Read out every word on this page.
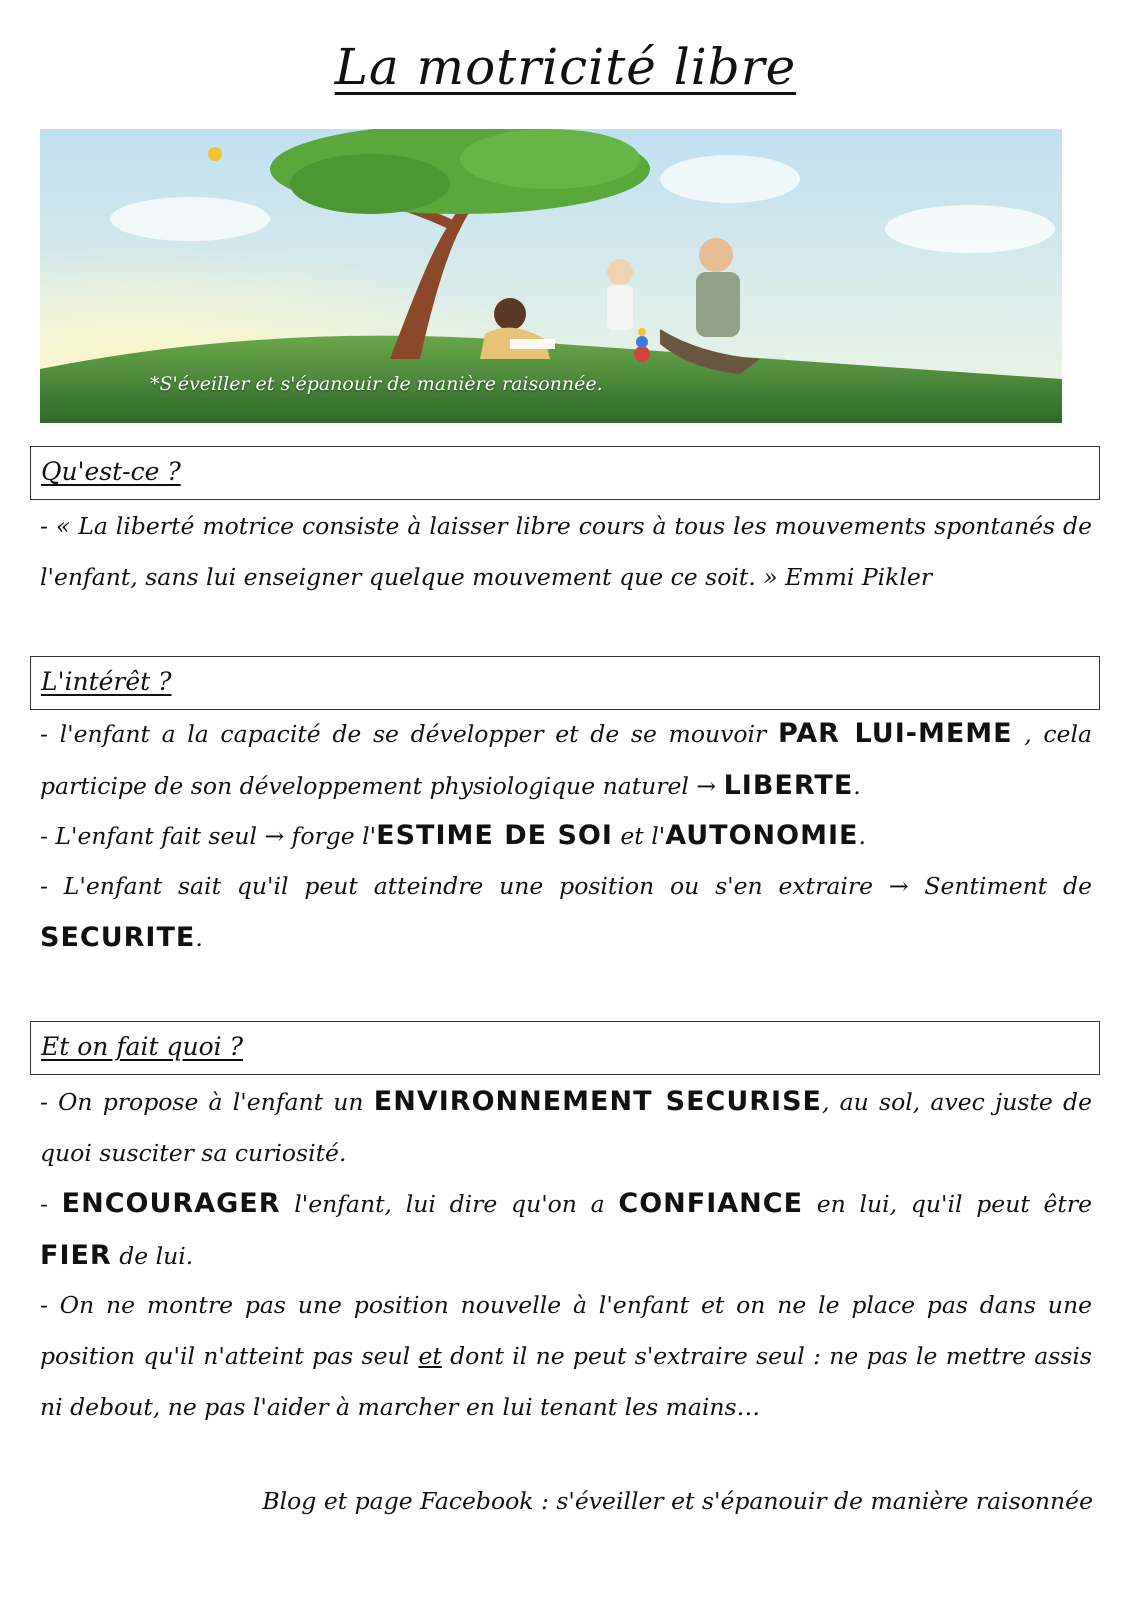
La motricité libre
*S'éveiller et s'épanouir de manière raisonnée.
Qu'est-ce ?

- « La liberté motrice consiste à laisser libre cours à tous les mouvements spontanés de l'enfant, sans lui enseigner quelque mouvement que ce soit. » Emmi Pikler

L'intérêt ?

- l'enfant a la capacité de se développer et de se mouvoir PAR LUI-MEME , cela participe de son développement physiologique naturel → LIBERTE.

- L'enfant fait seul → forge l'ESTIME DE SOI et l'AUTONOMIE.

- L'enfant sait qu'il peut atteindre une position ou s'en extraire → Sentiment de SECURITE.

Et on fait quoi ?

- On propose à l'enfant un ENVIRONNEMENT SECURISE, au sol, avec juste de quoi susciter sa curiosité.

- ENCOURAGER l'enfant, lui dire qu'on a CONFIANCE en lui, qu'il peut être FIER de lui.

- On ne montre pas une position nouvelle à l'enfant et on ne le place pas dans une position qu'il n'atteint pas seul et dont il ne peut s'extraire seul : ne pas le mettre assis ni debout, ne pas l'aider à marcher en lui tenant les mains…

Blog et page Facebook : s'éveiller et s'épanouir de manière raisonnée
